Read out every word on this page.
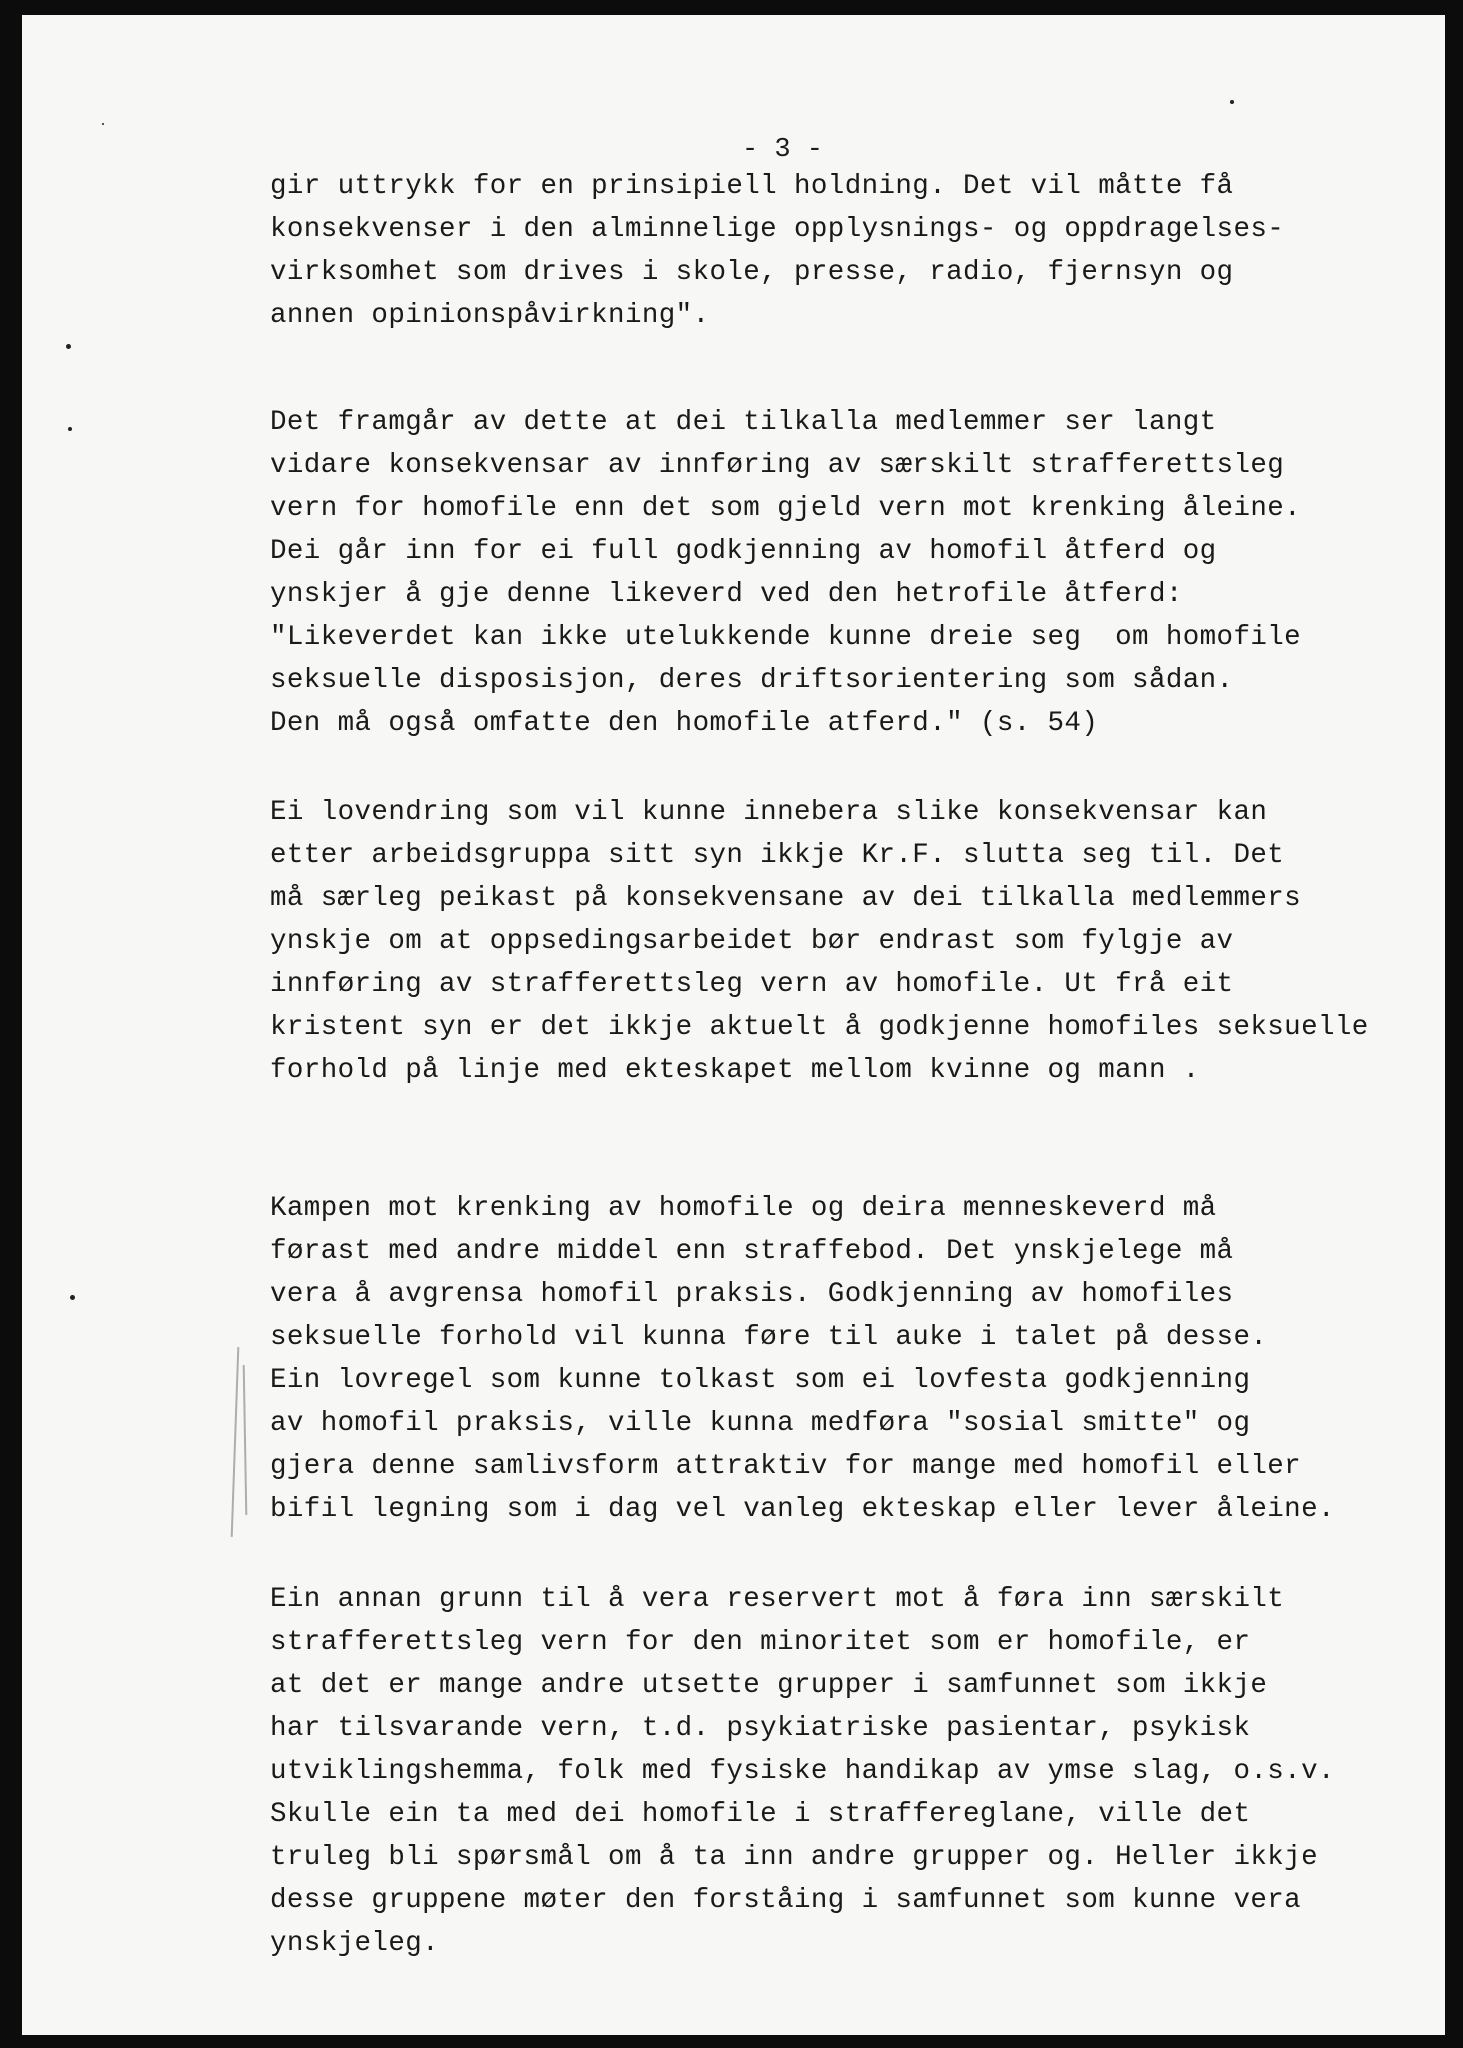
- 3 -
gir uttrykk for en prinsipiell holdning. Det vil måtte få
konsekvenser i den alminnelige opplysnings- og oppdragelses-
virksomhet som drives i skole, presse, radio, fjernsyn og
annen opinionspåvirkning".
Det framgår av dette at dei tilkalla medlemmer ser langt
vidare konsekvensar av innføring av særskilt strafferettsleg
vern for homofile enn det som gjeld vern mot krenking åleine.
Dei går inn for ei full godkjenning av homofil åtferd og
ynskjer å gje denne likeverd ved den hetrofile åtferd:
"Likeverdet kan ikke utelukkende kunne dreie seg  om homofile
seksuelle disposisjon, deres driftsorientering som sådan.
Den må også omfatte den homofile atferd." (s. 54)
Ei lovendring som vil kunne innebera slike konsekvensar kan
etter arbeidsgruppa sitt syn ikkje Kr.F. slutta seg til. Det
må særleg peikast på konsekvensane av dei tilkalla medlemmers
ynskje om at oppsedingsarbeidet bør endrast som fylgje av
innføring av strafferettsleg vern av homofile. Ut frå eit
kristent syn er det ikkje aktuelt å godkjenne homofiles seksuelle
forhold på linje med ekteskapet mellom kvinne og mann .
Kampen mot krenking av homofile og deira menneskeverd må
førast med andre middel enn straffebod. Det ynskjelege må
vera å avgrensa homofil praksis. Godkjenning av homofiles
seksuelle forhold vil kunna føre til auke i talet på desse.
Ein lovregel som kunne tolkast som ei lovfesta godkjenning
av homofil praksis, ville kunna medføra "sosial smitte" og
gjera denne samlivsform attraktiv for mange med homofil eller
bifil legning som i dag vel vanleg ekteskap eller lever åleine.
Ein annan grunn til å vera reservert mot å føra inn særskilt
strafferettsleg vern for den minoritet som er homofile, er
at det er mange andre utsette grupper i samfunnet som ikkje
har tilsvarande vern, t.d. psykiatriske pasientar, psykisk
utviklingshemma, folk med fysiske handikap av ymse slag, o.s.v.
Skulle ein ta med dei homofile i straffereglane, ville det
truleg bli spørsmål om å ta inn andre grupper og. Heller ikkje
desse gruppene møter den forståing i samfunnet som kunne vera
ynskjeleg.
